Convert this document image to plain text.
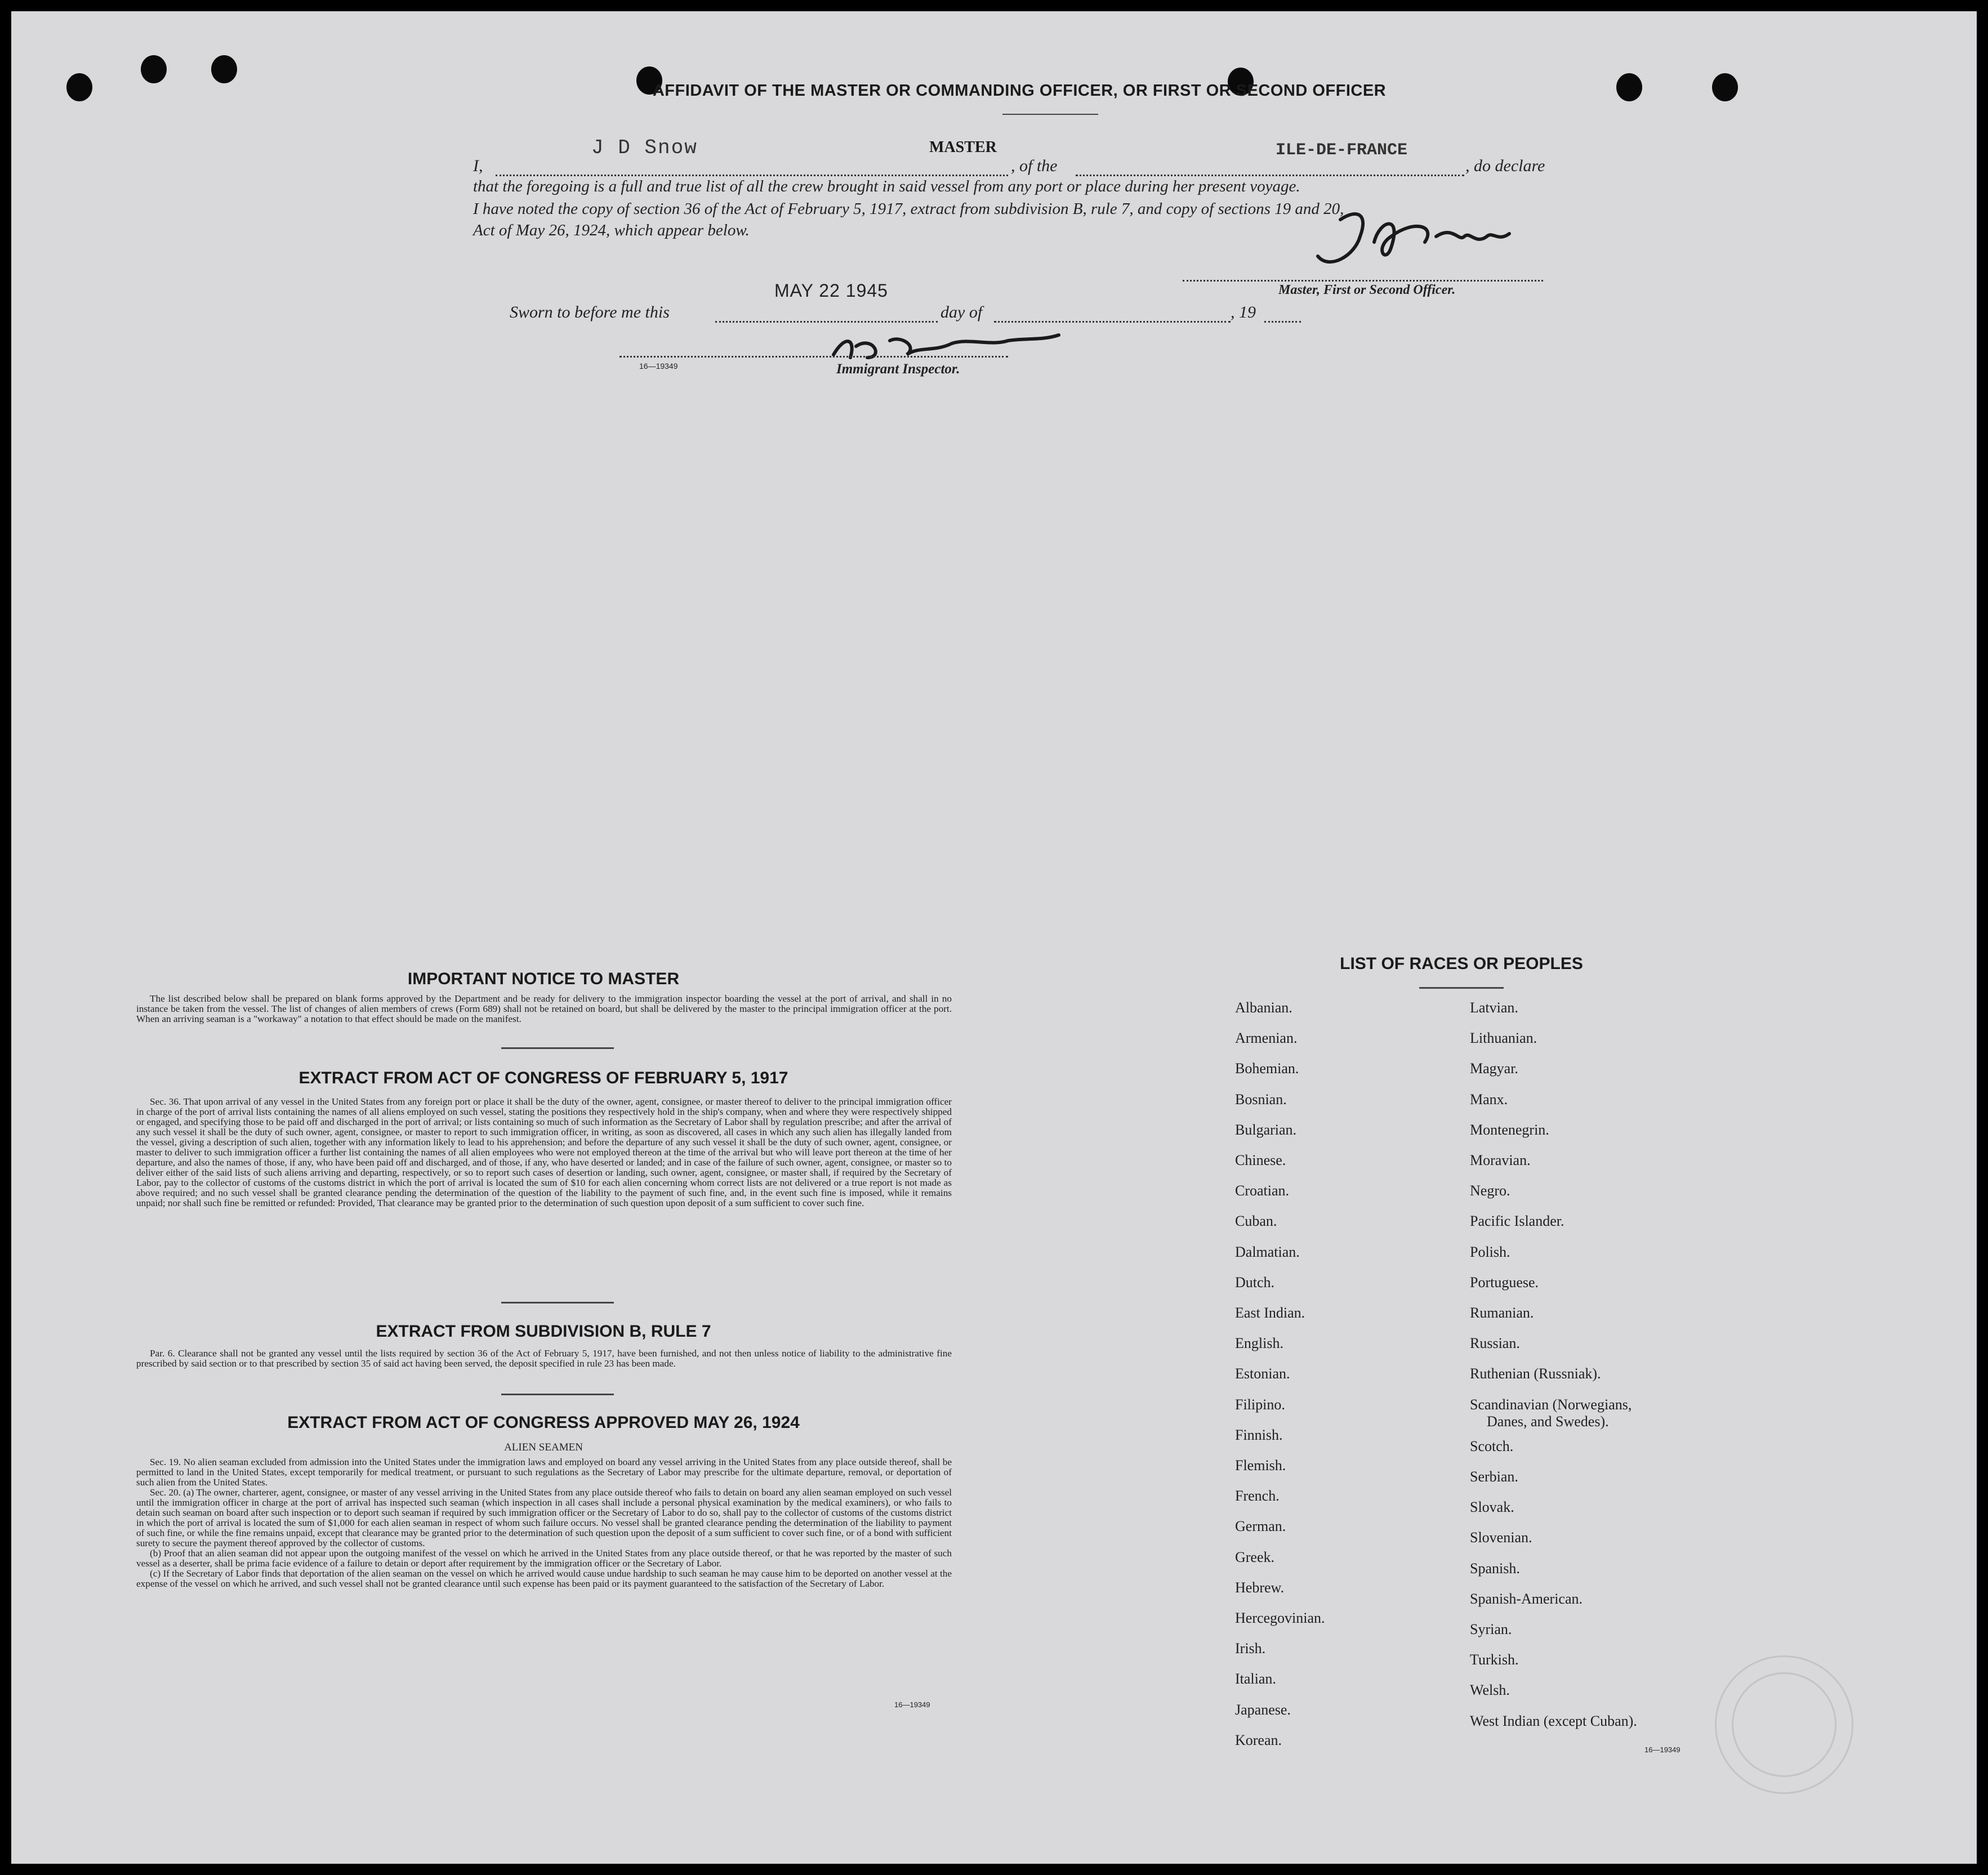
AFFIDAVIT OF THE MASTER OR COMMANDING OFFICER, OR FIRST OR SECOND OFFICER
I,
J D Snow	MASTER
, of the
ILE-DE-FRANCE
, do declare
that the foregoing is a full and true list of all the crew brought in said vessel from any port or place during her present voyage.
I have noted the copy of section 36 of the Act of February 5, 1917, extract from subdivision B, rule 7, and copy of sections 19 and 20,
Act of May 26, 1924, which appear below.
Master, First or Second Officer.
Sworn to before me this
MAY 22 1945
day of	, 19
16—19349	Immigrant Inspector.
IMPORTANT NOTICE TO MASTER
The list described below shall be prepared on blank forms approved by the Department and be ready for delivery to the immigration inspector boarding the vessel at the port of arrival, and shall in no instance be taken from the vessel. The list of changes of alien members of crews (Form 689) shall not be retained on board, but shall be delivered by the master to the principal immigration officer at the port. When an arriving seaman is a "workaway" a notation to that effect should be made on the manifest.
EXTRACT FROM ACT OF CONGRESS OF FEBRUARY 5, 1917
Sec. 36. That upon arrival of any vessel in the United States from any foreign port or place it shall be the duty of the owner, agent, consignee, or master thereof to deliver to the principal immigration officer in charge of the port of arrival lists containing the names of all aliens employed on such vessel, stating the positions they respectively hold in the ship's company, when and where they were respectively shipped or engaged, and specifying those to be paid off and discharged in the port of arrival; or lists containing so much of such information as the Secretary of Labor shall by regulation prescribe; and after the arrival of any such vessel it shall be the duty of such owner, agent, consignee, or master to report to such immigration officer, in writing, as soon as discovered, all cases in which any such alien has illegally landed from the vessel, giving a description of such alien, together with any information likely to lead to his apprehension; and before the departure of any such vessel it shall be the duty of such owner, agent, consignee, or master to deliver to such immigration officer a further list containing the names of all alien employees who were not employed thereon at the time of the arrival but who will leave port thereon at the time of her departure, and also the names of those, if any, who have been paid off and discharged, and of those, if any, who have deserted or landed; and in case of the failure of such owner, agent, consignee, or master so to deliver either of the said lists of such aliens arriving and departing, respectively, or so to report such cases of desertion or landing, such owner, agent, consignee, or master shall, if required by the Secretary of Labor, pay to the collector of customs of the customs district in which the port of arrival is located the sum of $10 for each alien concerning whom correct lists are not delivered or a true report is not made as above required; and no such vessel shall be granted clearance pending the determination of the question of the liability to the payment of such fine, and, in the event such fine is imposed, while it remains unpaid; nor shall such fine be remitted or refunded: Provided, That clearance may be granted prior to the determination of such question upon deposit of a sum sufficient to cover such fine.
EXTRACT FROM SUBDIVISION B, RULE 7
Par. 6. Clearance shall not be granted any vessel until the lists required by section 36 of the Act of February 5, 1917, have been furnished, and not then unless notice of liability to the administrative fine prescribed by said section or to that prescribed by section 35 of said act having been served, the deposit specified in rule 23 has been made.
EXTRACT FROM ACT OF CONGRESS APPROVED MAY 26, 1924
ALIEN SEAMEN
Sec. 19. No alien seaman excluded from admission into the United States under the immigration laws and employed on board any vessel arriving in the United States from any place outside thereof, shall be permitted to land in the United States, except temporarily for medical treatment, or pursuant to such regulations as the Secretary of Labor may prescribe for the ultimate departure, removal, or deportation of such alien from the United States.
Sec. 20. (a) The owner, charterer, agent, consignee, or master of any vessel arriving in the United States from any place outside thereof who fails to detain on board any alien seaman employed on such vessel until the immigration officer in charge at the port of arrival has inspected such seaman (which inspection in all cases shall include a personal physical examination by the medical examiners), or who fails to detain such seaman on board after such inspection or to deport such seaman if required by such immigration officer or the Secretary of Labor to do so, shall pay to the collector of customs of the customs district in which the port of arrival is located the sum of $1,000 for each alien seaman in respect of whom such failure occurs. No vessel shall be granted clearance pending the determination of the liability to payment of such fine, or while the fine remains unpaid, except that clearance may be granted prior to the determination of such question upon the deposit of a sum sufficient to cover such fine, or of a bond with sufficient surety to secure the payment thereof approved by the collector of customs.
(b) Proof that an alien seaman did not appear upon the outgoing manifest of the vessel on which he arrived in the United States from any place outside thereof, or that he was reported by the master of such vessel as a deserter, shall be prima facie evidence of a failure to detain or deport after requirement by the immigration officer or the Secretary of Labor.
(c) If the Secretary of Labor finds that deportation of the alien seaman on the vessel on which he arrived would cause undue hardship to such seaman he may cause him to be deported on another vessel at the expense of the vessel on which he arrived, and such vessel shall not be granted clearance until such expense has been paid or its payment guaranteed to the satisfaction of the Secretary of Labor.
16—19349
LIST OF RACES OR PEOPLES
16—19349
Albanian.
Armenian.
Bohemian.
Bosnian.
Bulgarian.
Chinese.
Croatian.
Cuban.
Dalmatian.
Dutch.
East Indian.
English.
Estonian.
Filipino.
Finnish.
Flemish.
French.
German.
Greek.
Hebrew.
Hercegovinian.
Irish.
Italian.
Japanese.
Korean.
Latvian.
Lithuanian.
Magyar.
Manx.
Montenegrin.
Moravian.
Negro.
Pacific Islander.
Polish.
Portuguese.
Rumanian.
Russian.
Ruthenian (Russniak).
Scandinavian (Norwegians,
Danes, and Swedes).
Scotch.
Serbian.
Slovak.
Slovenian.
Spanish.
Spanish-American.
Syrian.
Turkish.
Welsh.
West Indian (except Cuban).
